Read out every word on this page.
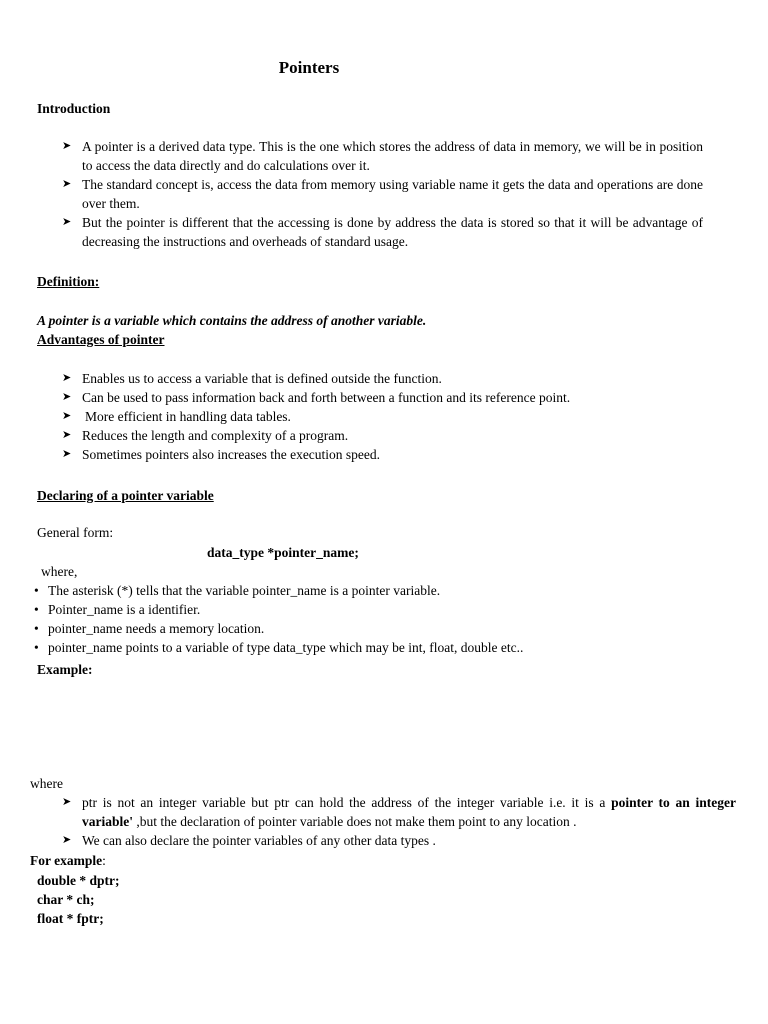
Pointers
Introduction
➤ A pointer is a derived data type. This is the one which stores the address of data in memory, we will be in position to access the data directly and do calculations over it.
➤ The standard concept is, access the data from memory using variable name it gets the data and operations are done over them.
➤ But the pointer is different that the accessing is done by address the data is stored so that it will be advantage of decreasing the instructions and overheads of standard usage.
Definition:
A pointer is a variable which contains the address of another variable.
Advantages of pointer
➤ Enables us to access a variable that is defined outside the function.
➤ Can be used to pass information back and forth between a function and its reference point.
➤ More efficient in handling data tables.
➤ Reduces the length and complexity of a program.
➤ Sometimes pointers also increases the execution speed.
Declaring of a pointer variable
General form:
data_type *pointer_name;
where,
• The asterisk (*) tells that the variable pointer_name is a pointer variable.
• Pointer_name is a identifier.
• pointer_name needs a memory location.
• pointer_name points to a variable of type data_type which may be int, float, double etc..
Example:
where
➤ ptr is not an integer variable but ptr can hold the address of the integer variable i.e. it is a pointer to an integer variable' ,but the declaration of pointer variable does not make them point to any location .
➤ We can also declare the pointer variables of any other data types .
For example:
double * dptr;
char * ch;
float * fptr;
